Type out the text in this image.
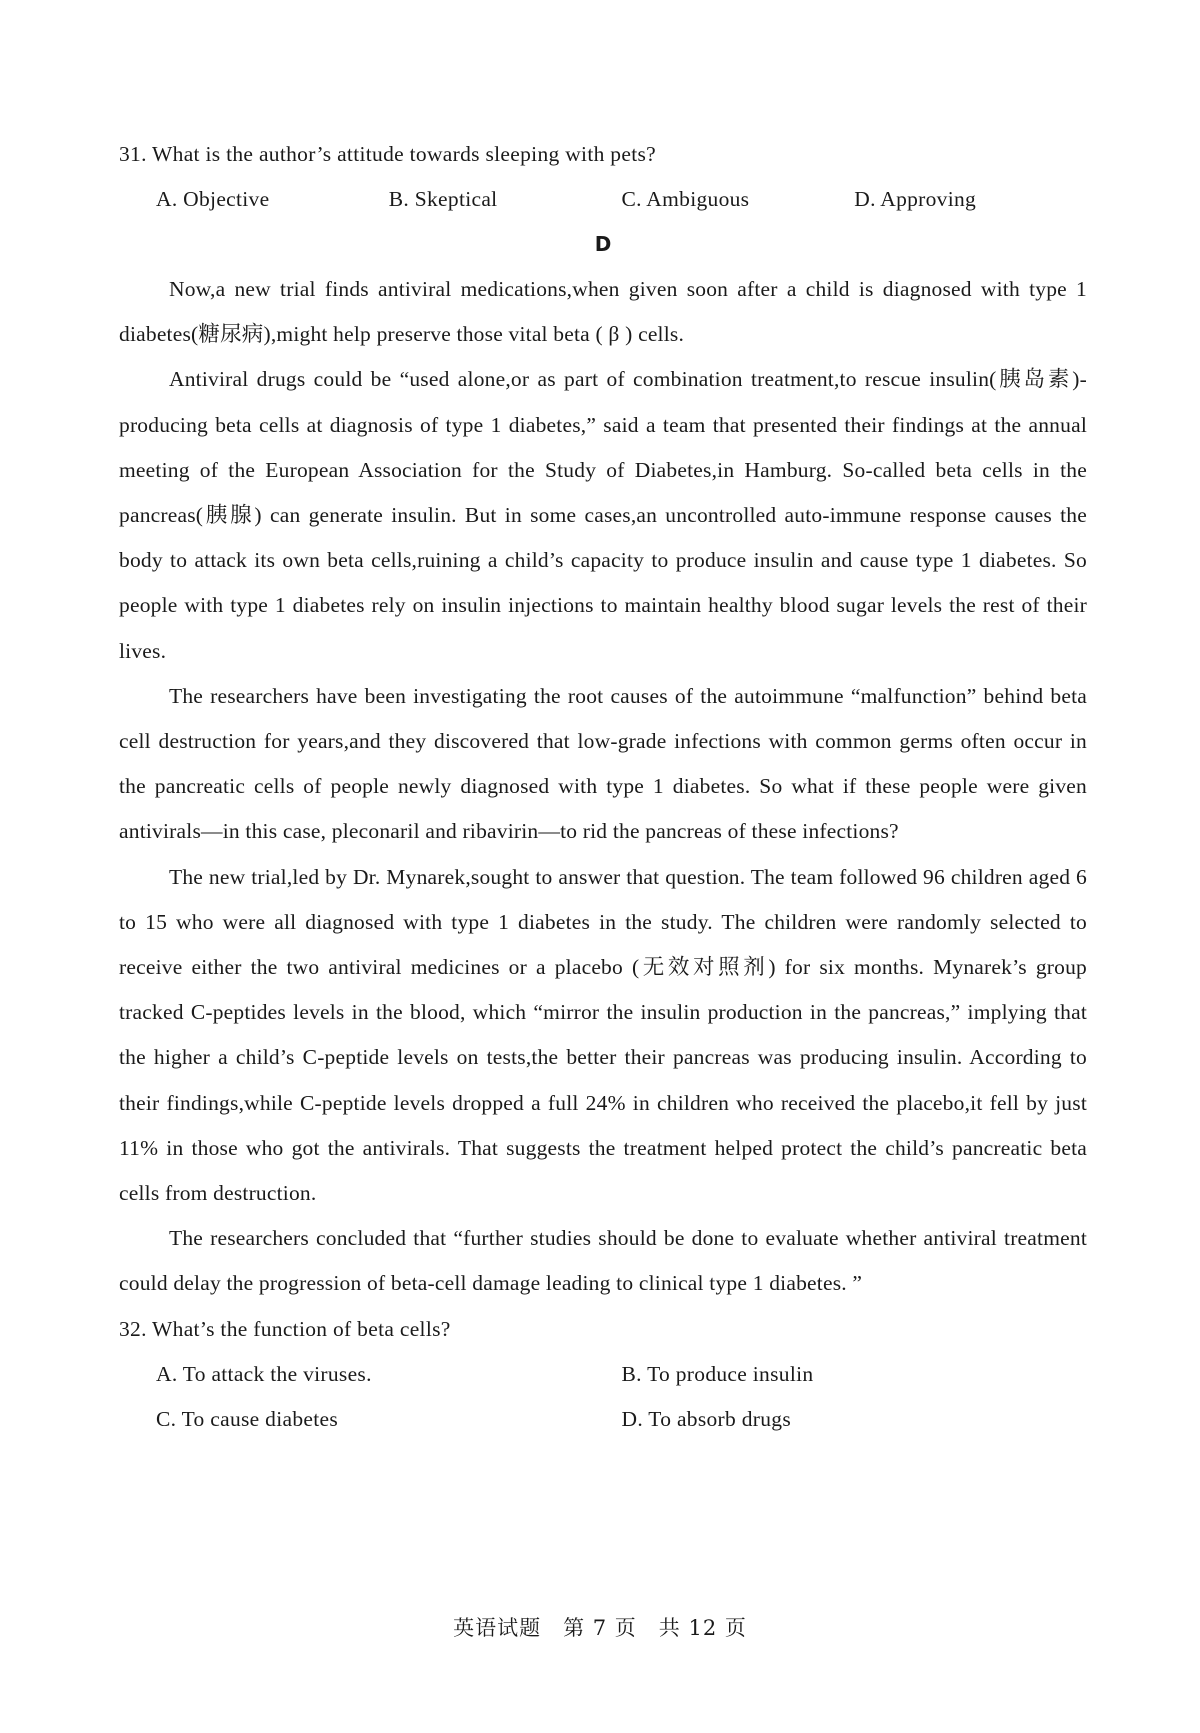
31. What is the author’s attitude towards sleeping with pets?

A. Objective	B. Skeptical	C. Ambiguous	D. Approving

D

Now,a new trial finds antiviral medications,when given soon after a child is diagnosed with type 1 diabetes(糖尿病),might help preserve those vital beta ( β ) cells.

Antiviral drugs could be “used alone,or as part of combination treatment,to rescue insulin(胰岛素)-producing beta cells at diagnosis of type 1 diabetes,” said a team that presented their findings at the annual meeting of the European Association for the Study of Diabetes,in Hamburg. So-called beta cells in the pancreas(胰腺) can generate insulin. But in some cases,an uncontrolled auto-immune response causes the body to attack its own beta cells,ruining a child’s capacity to produce insulin and cause type 1 diabetes. So people with type 1 diabetes rely on insulin injections to maintain healthy blood sugar levels the rest of their lives.

The researchers have been investigating the root causes of the autoimmune “malfunction” behind beta cell destruction for years,and they discovered that low-grade infections with common germs often occur in the pancreatic cells of people newly diagnosed with type 1 diabetes. So what if these people were given antivirals—in this case, pleconaril and ribavirin—to rid the pancreas of these infections?

The new trial,led by Dr. Mynarek,sought to answer that question. The team followed 96 children aged 6 to 15 who were all diagnosed with type 1 diabetes in the study. The children were randomly selected to receive either the two antiviral medicines or a placebo (无效对照剂) for six months. Mynarek’s group tracked C-peptides levels in the blood, which “mirror the insulin production in the pancreas,” implying that the higher a child’s C-peptide levels on tests,the better their pancreas was producing insulin. According to their findings,while C-peptide levels dropped a full 24% in children who received the placebo,it fell by just 11% in those who got the antivirals. That suggests the treatment helped protect the child’s pancreatic beta cells from destruction.

The researchers concluded that “further studies should be done to evaluate whether antiviral treatment could delay the progression of beta-cell damage leading to clinical type 1 diabetes. ”

32. What’s the function of beta cells?

A. To attack the viruses.	B. To produce insulin
C. To cause diabetes	D. To absorb drugs
英语试题　第 7 页　共 12 页
